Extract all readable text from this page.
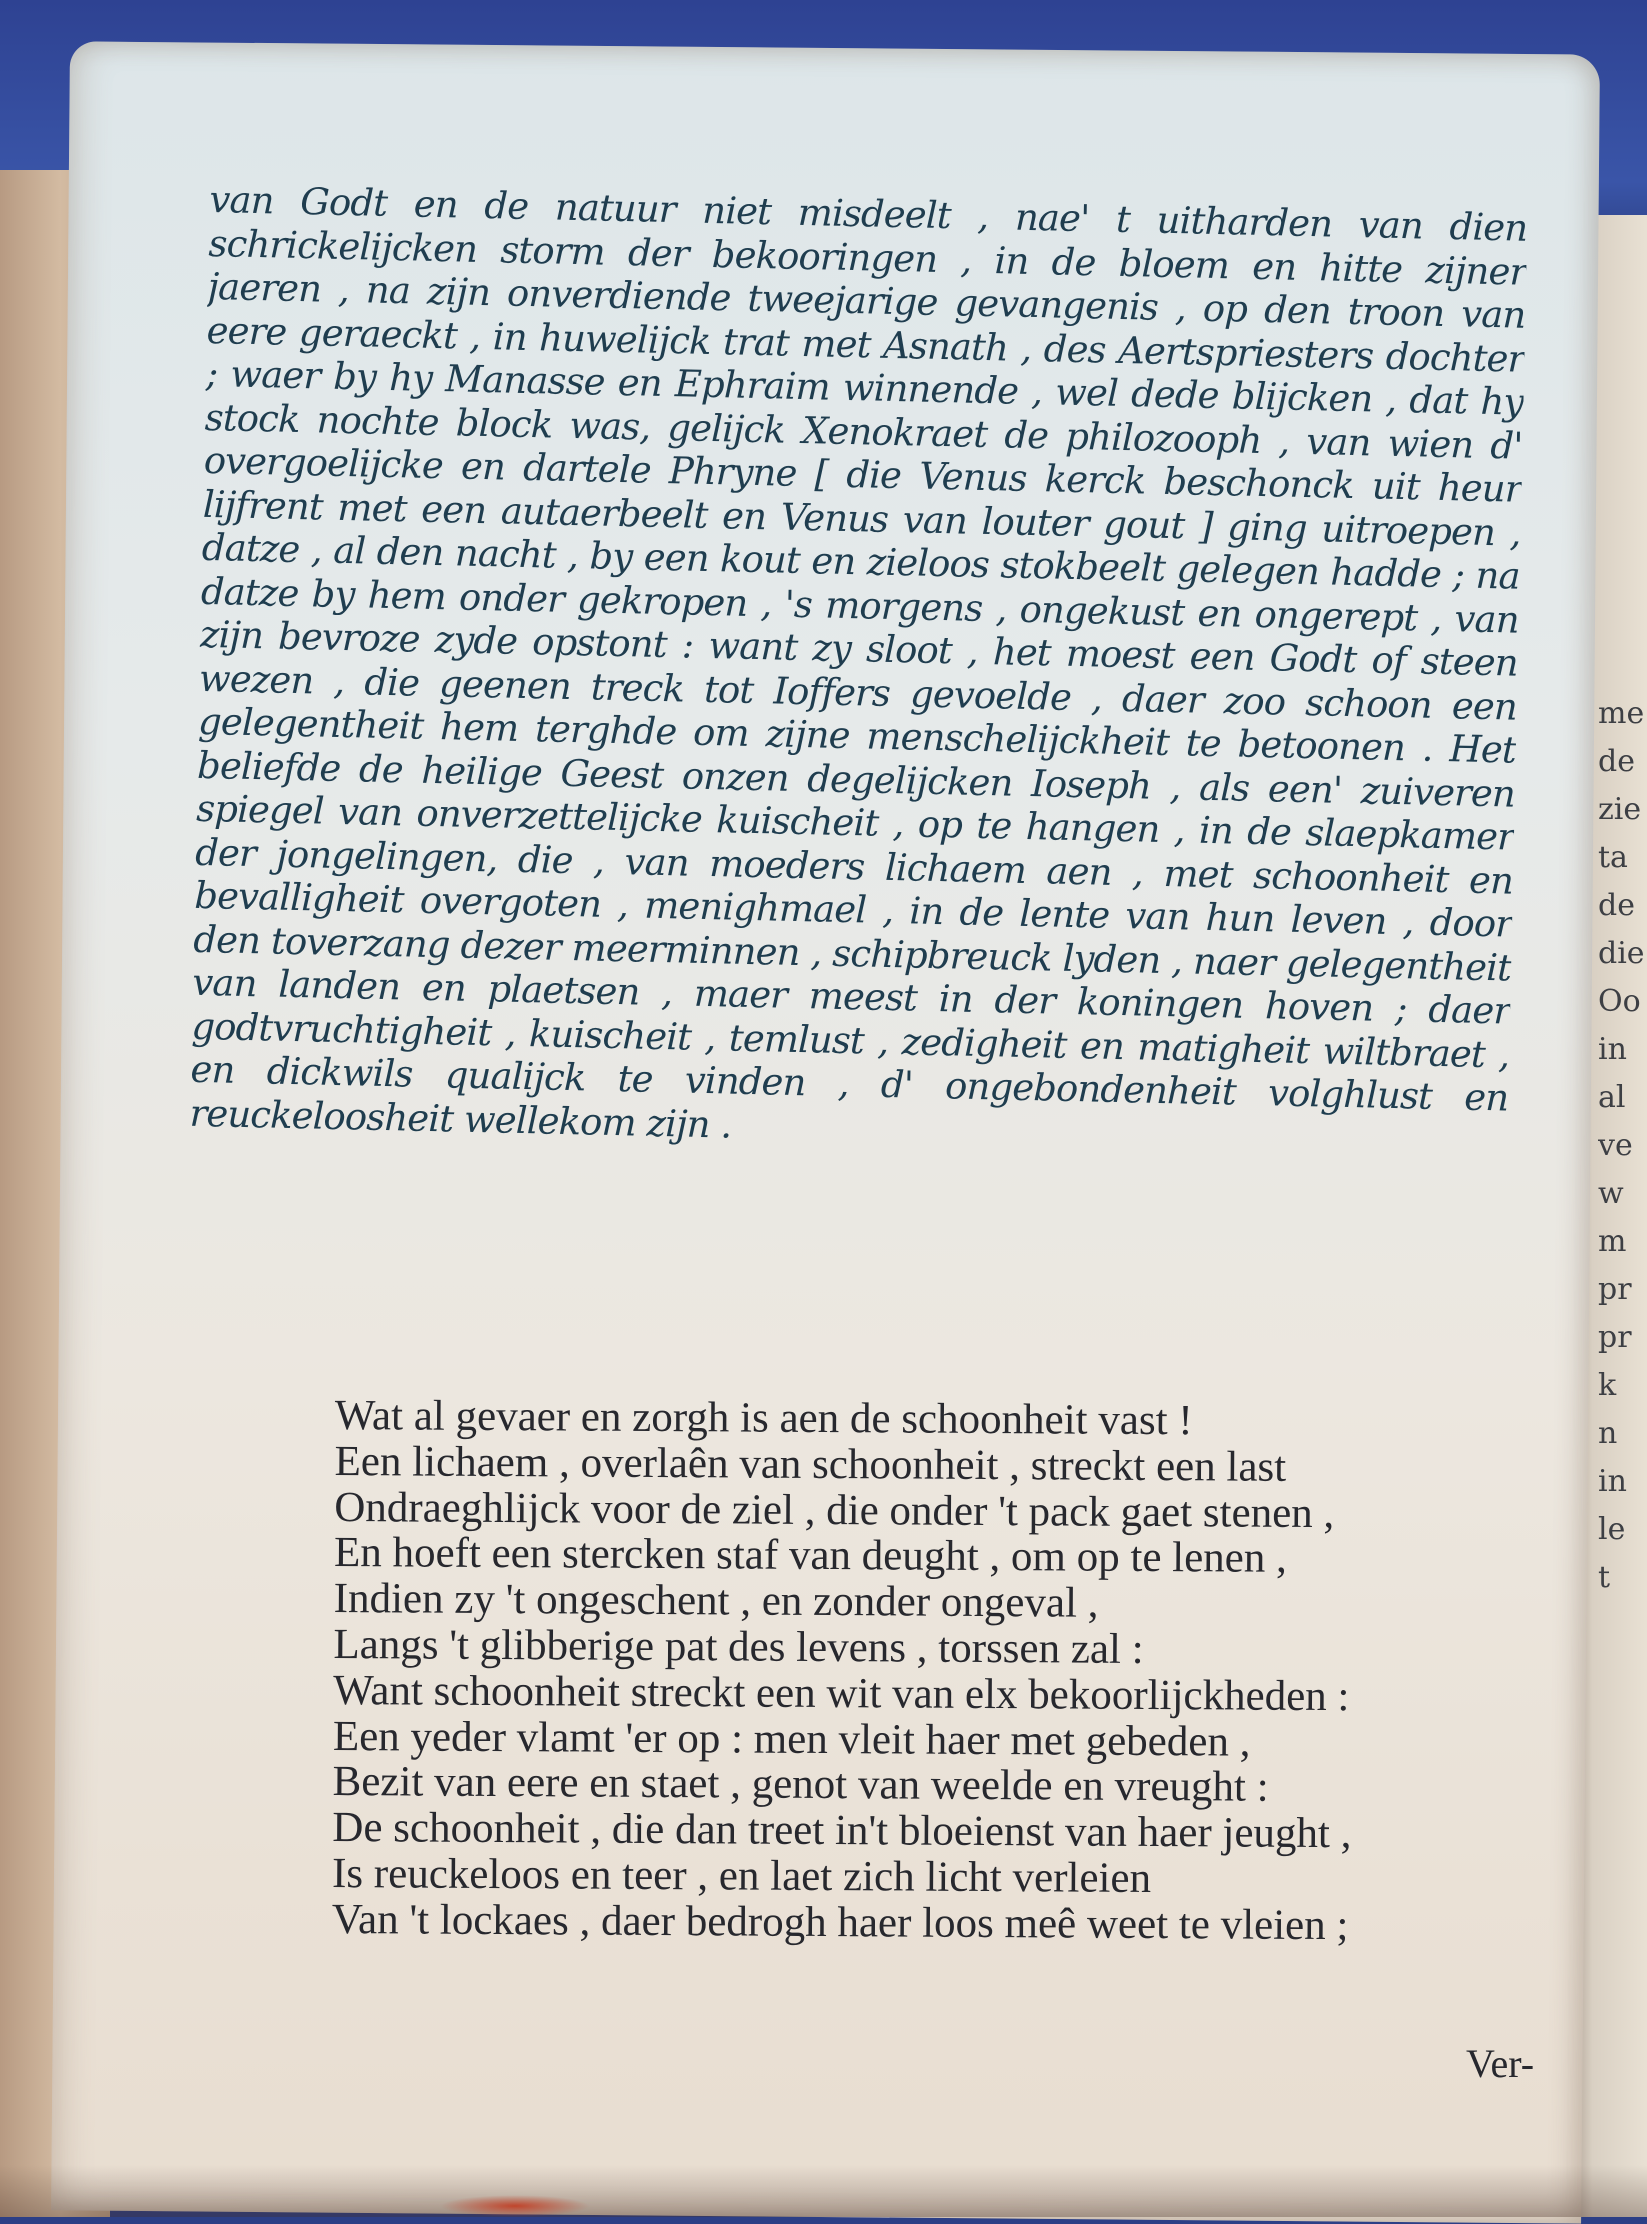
me
de
zie
ta
de
die
Oo
in
al
ve
w
m
pr
pr
k
n
in
le
t

van Godt en de natuur niet misdeelt , nae' t uitharden van dien schrickelijcken storm der bekooringen , in de bloem en hitte zijner jaeren , na zijn onverdiende tweejarige gevangenis , op den troon van eere geraeckt , in huwelijck trat met Asnath , des Aertspriesters dochter ; waer by hy Manasse en Ephraim winnende , wel dede blijcken , dat hy stock nochte block was, gelijck Xenokraet de philozooph , van wien d' overgoelijcke en dartele Phryne [ die Venus kerck beschonck uit heur lijfrent met een autaerbeelt en Venus van louter gout ] ging uitroepen , datze , al den nacht , by een kout en zieloos stokbeelt gelegen hadde ; na datze by hem onder gekropen , 's morgens , ongekust en ongerept , van zijn bevroze zyde opstont : want zy sloot , het moest een Godt of steen wezen , die geenen treck tot Ioffers gevoelde , daer zoo schoon een gelegentheit hem terghde om zijne menschelijckheit te betoonen . Het beliefde de heilige Geest onzen degelijcken Ioseph , als een' zuiveren spiegel van onverzettelijcke kuischeit , op te hangen , in de slaepkamer der jongelingen, die , van moeders lichaem aen , met schoonheit en bevalligheit overgoten , menighmael , in de lente van hun leven , door den toverzang dezer meerminnen , schipbreuck lyden , naer gelegentheit van landen en plaetsen , maer meest in der koningen hoven ; daer godtvruchtigheit , kuischeit , temlust , zedigheit en matigheit wiltbraet , en dickwils qualijck te vinden , d' ongebondenheit volghlust en reuckeloosheit wellekom zijn .

Wat al gevaer en zorgh is aen de schoonheit vast !
Een lichaem , overlaên van schoonheit , streckt een last
Ondraeghlijck voor de ziel , die onder 't pack gaet stenen ,
En hoeft een stercken staf van deught , om op te lenen ,
Indien zy 't ongeschent , en zonder ongeval ,
Langs 't glibberige pat des levens , torssen zal :
Want schoonheit streckt een wit van elx bekoorlijckheden :
Een yeder vlamt 'er op : men vleit haer met gebeden ,
Bezit van eere en staet , genot van weelde en vreught :
De schoonheit , die dan treet in't bloeienst van haer jeught ,
Is reuckeloos en teer , en laet zich licht verleien
Van 't lockaes , daer bedrogh haer loos meê weet te vleien ;
Ver-
